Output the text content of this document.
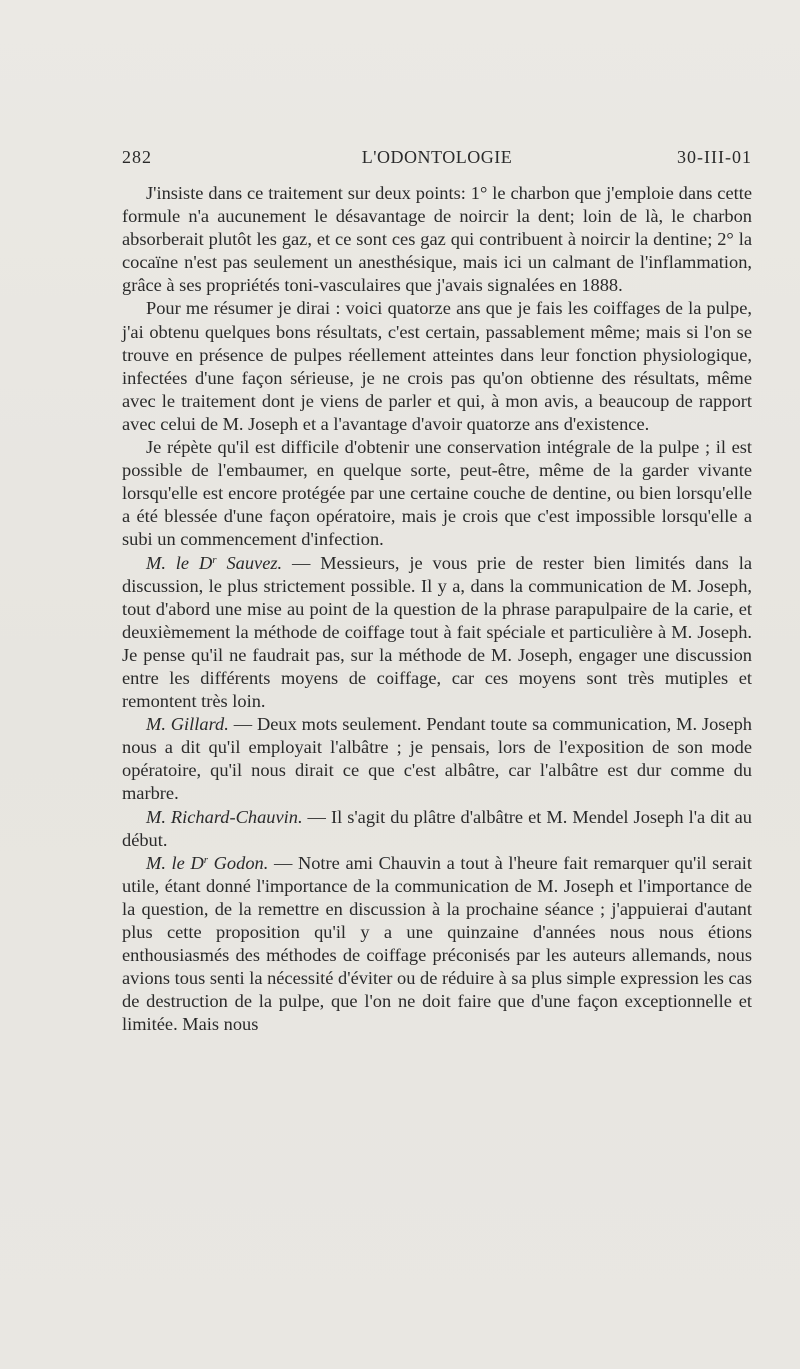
282	L'ODONTOLOGIE	30-III-01

J'insiste dans ce traitement sur deux points: 1° le charbon que j'emploie dans cette formule n'a aucunement le désavantage de noircir la dent; loin de là, le charbon absorberait plutôt les gaz, et ce sont ces gaz qui contribuent à noircir la dentine; 2° la cocaïne n'est pas seulement un anesthésique, mais ici un calmant de l'inflammation, grâce à ses propriétés toni-vasculaires que j'avais signalées en 1888.

Pour me résumer je dirai : voici quatorze ans que je fais les coiffages de la pulpe, j'ai obtenu quelques bons résultats, c'est certain, passablement même; mais si l'on se trouve en présence de pulpes réellement atteintes dans leur fonction physiologique, infectées d'une façon sérieuse, je ne crois pas qu'on obtienne des résultats, même avec le traitement dont je viens de parler et qui, à mon avis, a beaucoup de rapport avec celui de M. Joseph et a l'avantage d'avoir quatorze ans d'existence.

Je répète qu'il est difficile d'obtenir une conservation intégrale de la pulpe ; il est possible de l'embaumer, en quelque sorte, peut-être, même de la garder vivante lorsqu'elle est encore protégée par une certaine couche de dentine, ou bien lorsqu'elle a été blessée d'une façon opératoire, mais je crois que c'est impossible lorsqu'elle a subi un commencement d'infection.

M. le $D^r$ Sauvez. — Messieurs, je vous prie de rester bien limités dans la discussion, le plus strictement possible. Il y a, dans la communication de M. Joseph, tout d'abord une mise au point de la question de la phrase parapulpaire de la carie, et deuxièmement la méthode de coiffage tout à fait spéciale et particulière à M. Joseph. Je pense qu'il ne faudrait pas, sur la méthode de M. Joseph, engager une discussion entre les différents moyens de coiffage, car ces moyens sont très mutiples et remontent très loin.

M. Gillard. — Deux mots seulement. Pendant toute sa communication, M. Joseph nous a dit qu'il employait l'albâtre ; je pensais, lors de l'exposition de son mode opératoire, qu'il nous dirait ce que c'est albâtre, car l'albâtre est dur comme du marbre.

M. Richard-Chauvin. — Il s'agit du plâtre d'albâtre et M. Mendel Joseph l'a dit au début.

M. le $D^r$ Godon. — Notre ami Chauvin a tout à l'heure fait remarquer qu'il serait utile, étant donné l'importance de la communication de M. Joseph et l'importance de la question, de la remettre en discussion à la prochaine séance ; j'appuierai d'autant plus cette proposition qu'il y a une quinzaine d'années nous nous étions enthousiasmés des méthodes de coiffage préconisés par les auteurs allemands, nous avions tous senti la nécessité d'éviter ou de réduire à sa plus simple expression les cas de destruction de la pulpe, que l'on ne doit faire que d'une façon exceptionnelle et limitée. Mais nous
